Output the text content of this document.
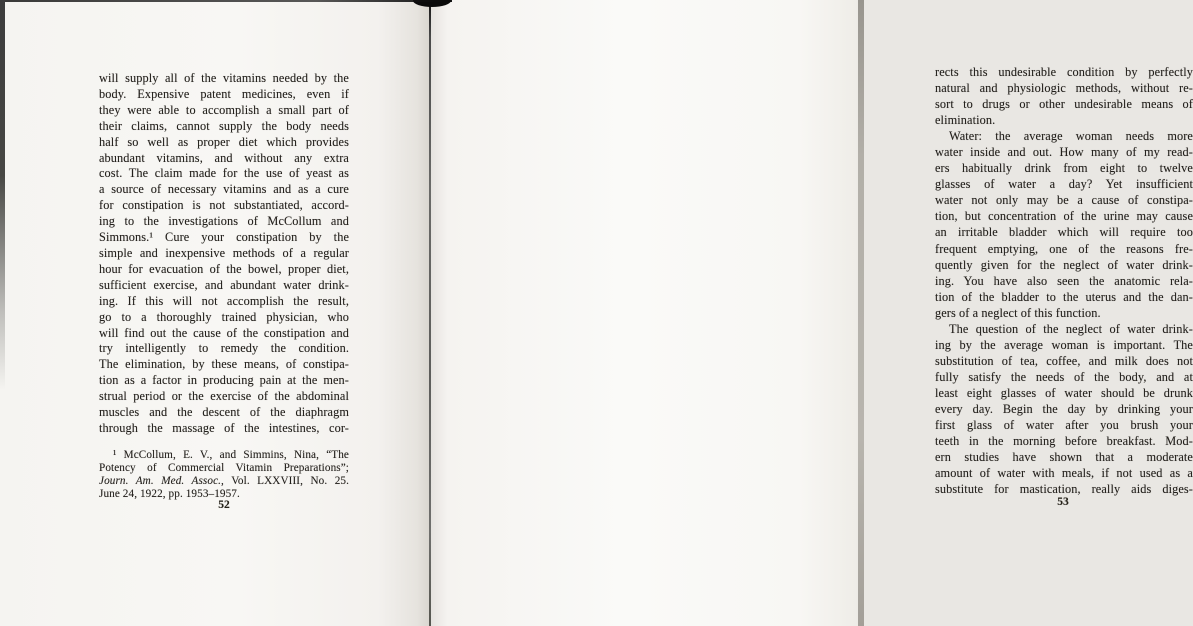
will supply all of the vitamins needed by the
body. Expensive patent medicines, even if
they were able to accomplish a small part of
their claims, cannot supply the body needs
half so well as proper diet which provides
abundant vitamins, and without any extra
cost. The claim made for the use of yeast as
a source of necessary vitamins and as a cure
for constipation is not substantiated, accord-
ing to the investigations of McCollum and
Simmons.¹ Cure your constipation by the
simple and inexpensive methods of a regular
hour for evacuation of the bowel, proper diet,
sufficient exercise, and abundant water drink-
ing. If this will not accomplish the result,
go to a thoroughly trained physician, who
will find out the cause of the constipation and
try intelligently to remedy the condition.
The elimination, by these means, of constipa-
tion as a factor in producing pain at the men-
strual period or the exercise of the abdominal
muscles and the descent of the diaphragm
through the massage of the intestines, cor-
¹ McCollum, E. V., and Simmins, Nina, “The
Potency of Commercial Vitamin Preparations”;
Journ. Am. Med. Assoc., Vol. LXXVIII, No. 25.
June 24, 1922, pp. 1953–1957.
52
rects this undesirable condition by perfectly
natural and physiologic methods, without re-
sort to drugs or other undesirable means of
elimination.
Water: the average woman needs more
water inside and out. How many of my read-
ers habitually drink from eight to twelve
glasses of water a day? Yet insufficient
water not only may be a cause of constipa-
tion, but concentration of the urine may cause
an irritable bladder which will require too
frequent emptying, one of the reasons fre-
quently given for the neglect of water drink-
ing. You have also seen the anatomic rela-
tion of the bladder to the uterus and the dan-
gers of a neglect of this function.
The question of the neglect of water drink-
ing by the average woman is important. The
substitution of tea, coffee, and milk does not
fully satisfy the needs of the body, and at
least eight glasses of water should be drunk
every day. Begin the day by drinking your
first glass of water after you brush your
teeth in the morning before breakfast. Mod-
ern studies have shown that a moderate
amount of water with meals, if not used as a
substitute for mastication, really aids diges-
53
